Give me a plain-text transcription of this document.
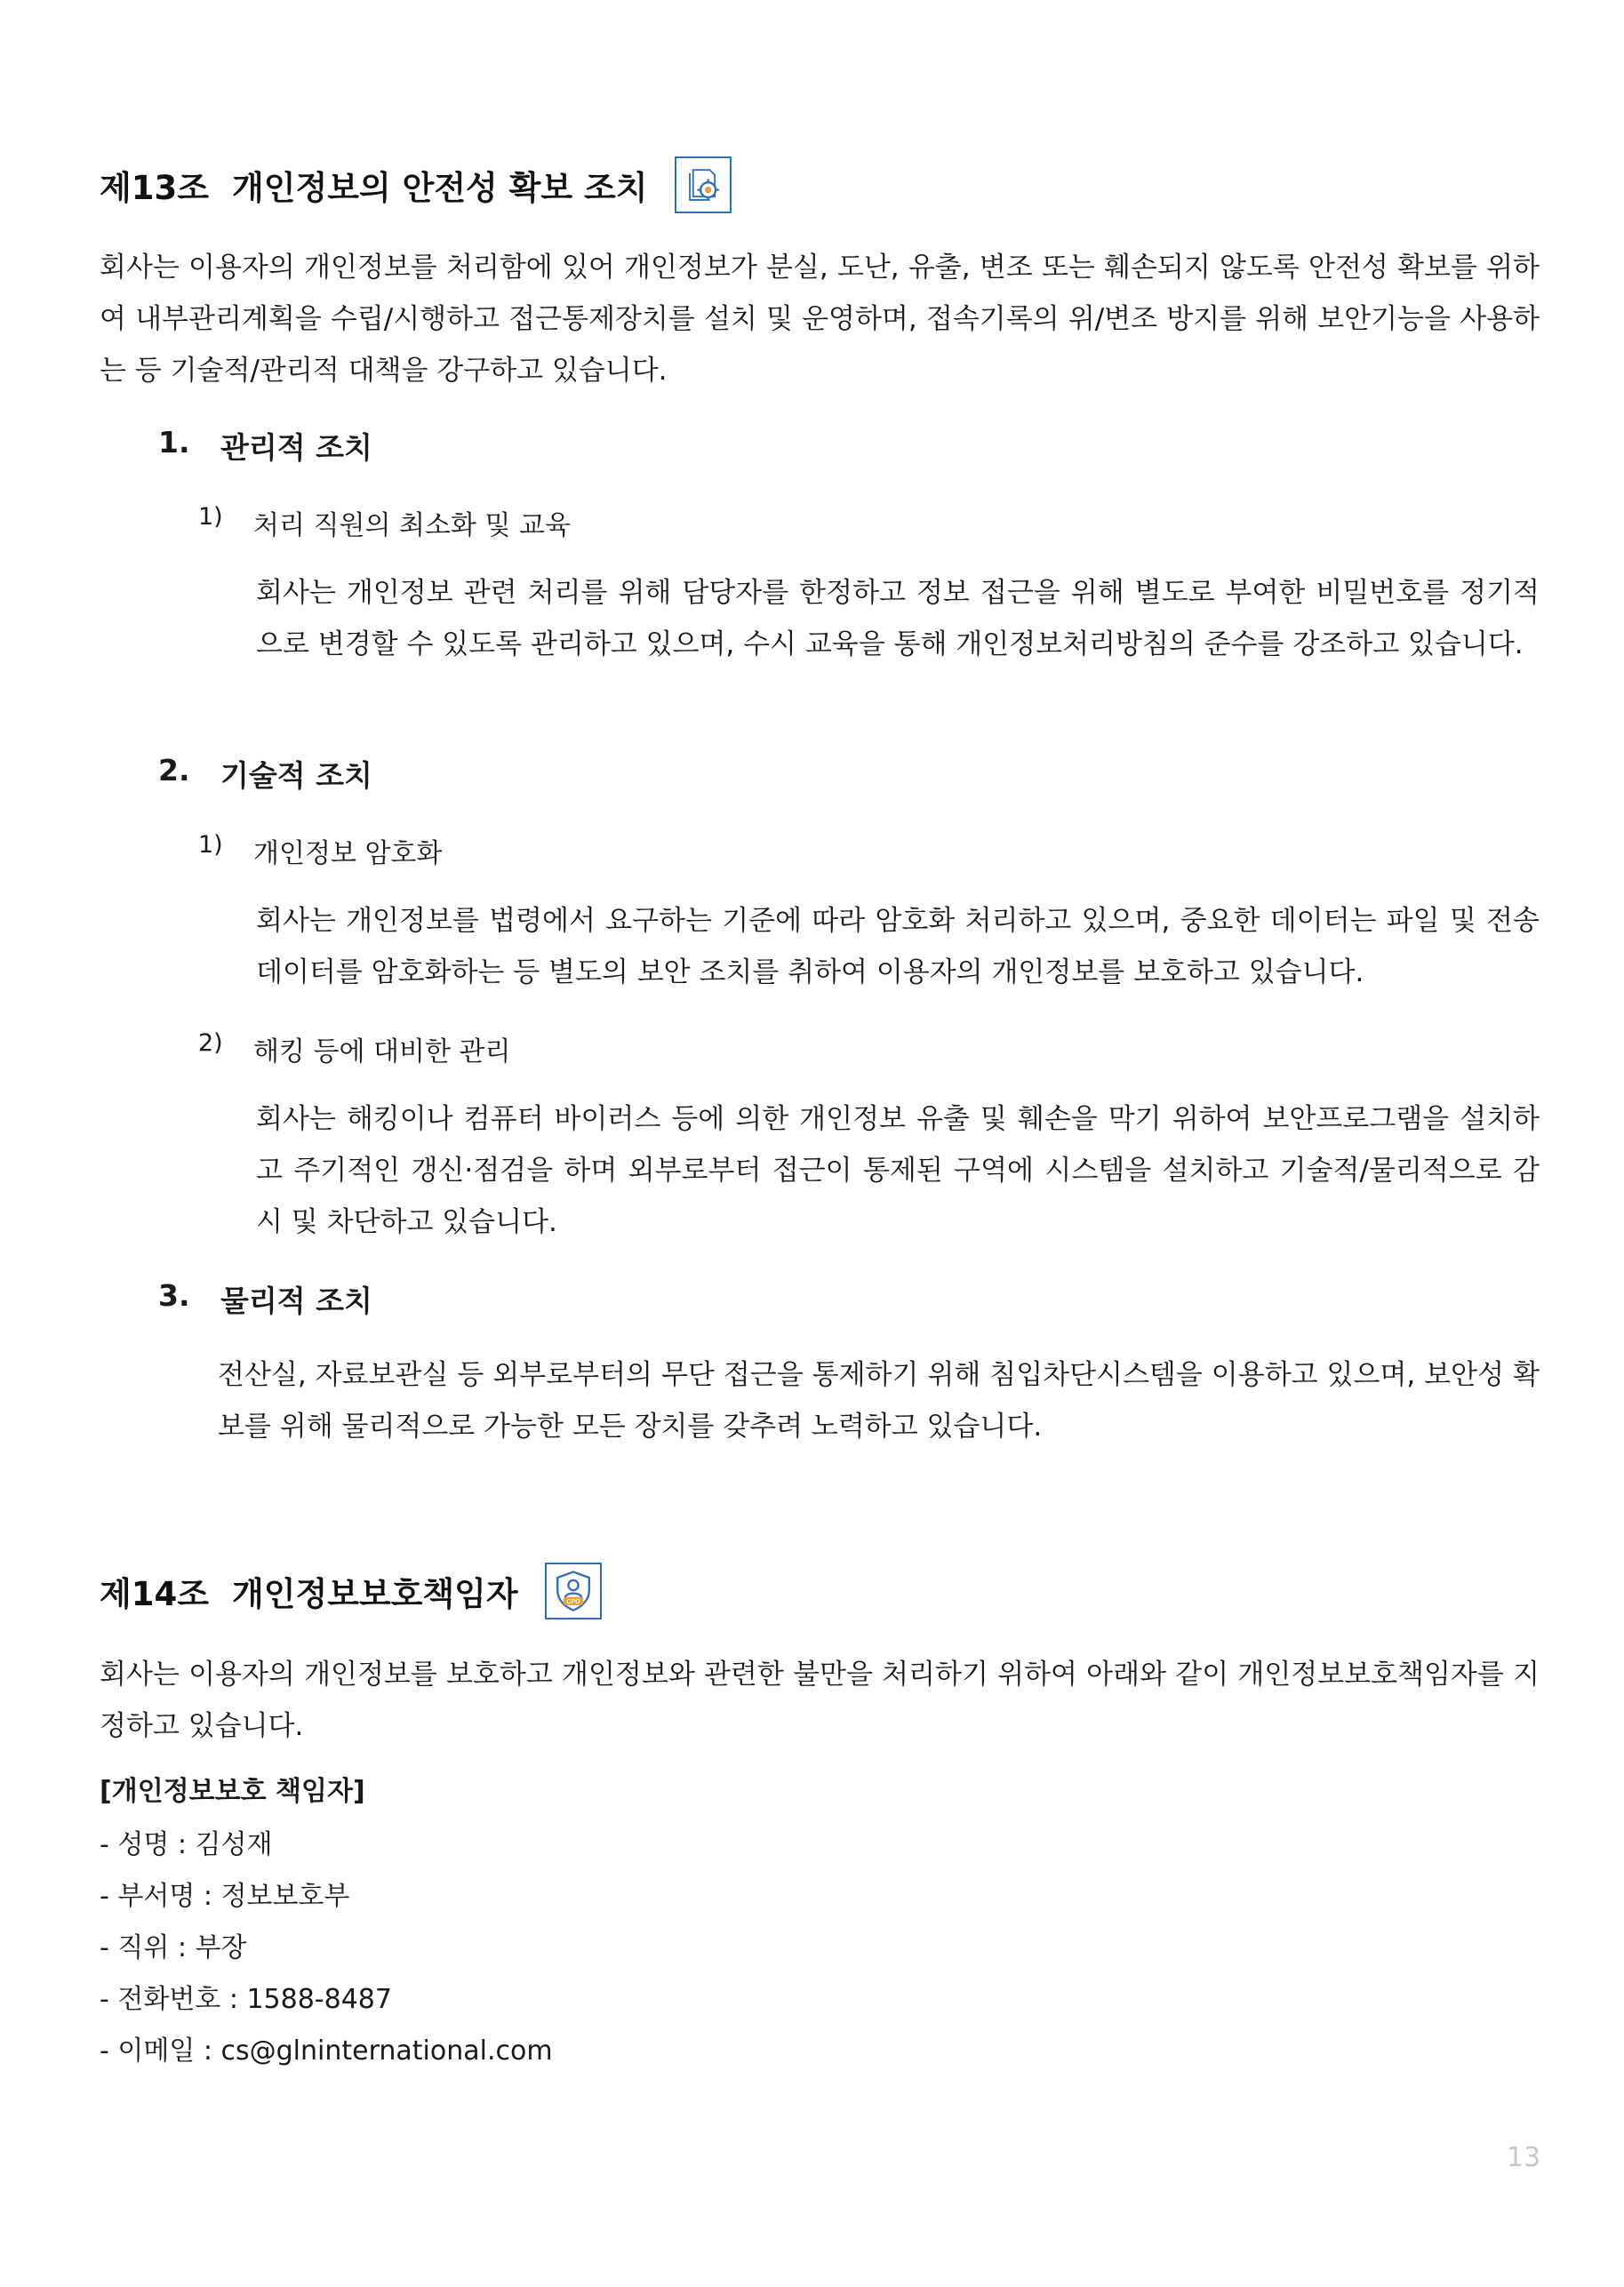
제13조 개인정보의 안전성 확보 조치

회사는 이용자의 개인정보를 처리함에 있어 개인정보가 분실, 도난, 유출, 변조 또는 훼손되지 않도록 안전성 확보를 위하여 내부관리계획을 수립/시행하고 접근통제장치를 설치 및 운영하며, 접속기록의 위/변조 방지를 위해 보안기능을 사용하는 등 기술적/관리적 대책을 강구하고 있습니다.

1.	관리적 조치
1)	처리 직원의 최소화 및 교육

회사는 개인정보 관련 처리를 위해 담당자를 한정하고 정보 접근을 위해 별도로 부여한 비밀번호를 정기적으로 변경할 수 있도록 관리하고 있으며, 수시 교육을 통해 개인정보처리방침의 준수를 강조하고 있습니다.

2.	기술적 조치
1)	개인정보 암호화

회사는 개인정보를 법령에서 요구하는 기준에 따라 암호화 처리하고 있으며, 중요한 데이터는 파일 및 전송 데이터를 암호화하는 등 별도의 보안 조치를 취하여 이용자의 개인정보를 보호하고 있습니다.

2)	해킹 등에 대비한 관리

회사는 해킹이나 컴퓨터 바이러스 등에 의한 개인정보 유출 및 훼손을 막기 위하여 보안프로그램을 설치하고 주기적인 갱신·점검을 하며 외부로부터 접근이 통제된 구역에 시스템을 설치하고 기술적/물리적으로 감시 및 차단하고 있습니다.

3.	물리적 조치

전산실, 자료보관실 등 외부로부터의 무단 접근을 통제하기 위해 침입차단시스템을 이용하고 있으며, 보안성 확보를 위해 물리적으로 가능한 모든 장치를 갖추려 노력하고 있습니다.

제14조 개인정보보호책임자	CPO

회사는 이용자의 개인정보를 보호하고 개인정보와 관련한 불만을 처리하기 위하여 아래와 같이 개인정보보호책임자를 지정하고 있습니다.

[개인정보보호 책임자]
- 성명 : 김성재
- 부서명 : 정보보호부
- 직위 : 부장
- 전화번호 : 1588-8487
- 이메일 : cs@glninternational.com
13
